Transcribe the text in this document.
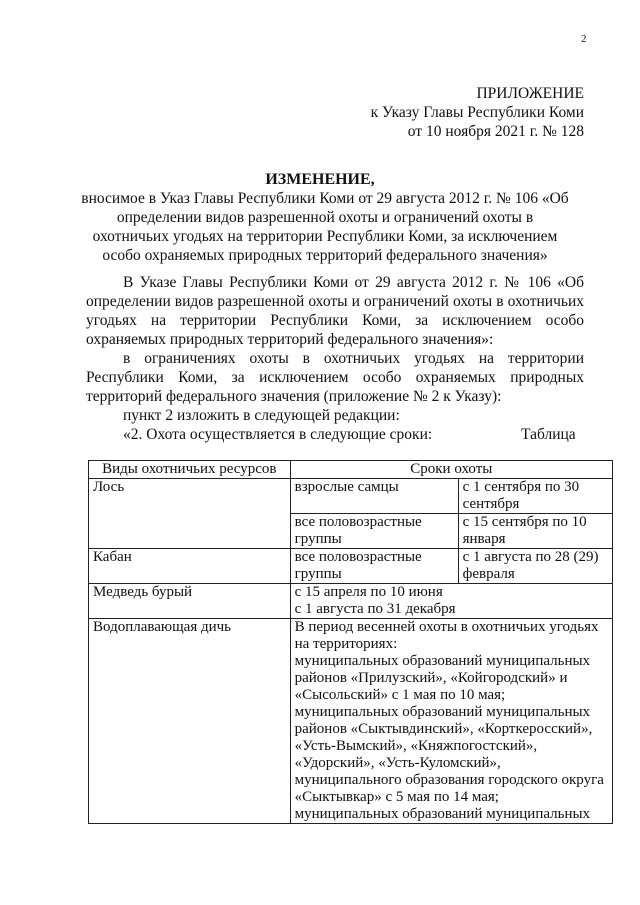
2
ПРИЛОЖЕНИЕ
к Указу Главы Республики Коми
от 10 ноября 2021 г. № 128
ИЗМЕНЕНИЕ,
вносимое в Указ Главы Республики Коми от 29 августа 2012 г. № 106 «Об определении видов разрешенной охоты и ограничений охоты в охотничьих угодьях на территории Республики Коми, за исключением особо охраняемых природных территорий федерального значения»

В Указе Главы Республики Коми от 29 августа 2012 г. № 106 «Об определении видов разрешенной охоты и ограничений охоты в охотничьих угодьях на территории Республики Коми, за исключением особо охраняемых природных территорий федерального значения»:

в ограничениях охоты в охотничьих угодьях на территории Республики Коми, за исключением особо охраняемых природных территорий федерального значения (приложение № 2 к Указу):

пункт 2 изложить в следующей редакции:

«2. Охота осуществляется в следующие сроки:	Таблица
Виды охотничьих ресурсов	Сроки охоты	
Лось	взрослые самцы	с 1 сентября по 30 сентября
	все половозрастные группы	с 15 сентября по 10 января
Кабан	все половозрастные группы	с 1 августа по 28 (29) февраля
Медведь бурый	с 15 апреля по 10 июня
с 1 августа по 31 декабря	

Водоплавающая дичь	В период весенней охоты в охотничьих угодьях на территориях:
муниципальных образований муниципальных районов «Прилузский», «Койгородский» и «Сысольский» с 1 мая по 10 мая;
муниципальных образований муниципальных районов «Сыктывдинский», «Корткеросский», «Усть-Вымский», «Княжпогостский», «Удорский», «Усть-Куломский», муниципального образования городского округа «Сыктывкар» с 5 мая по 14 мая;
муниципальных образований муниципальных	
